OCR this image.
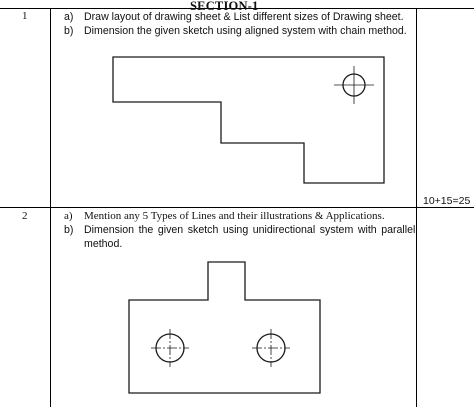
SECTION-1
1	a) Draw layout of drawing sheet & List different sizes of Drawing sheet.
b) Dimension the given sketch using aligned system with chain method.
10+15=25
2	a) Mention any 5 Types of Lines and their illustrations & Applications.
b) Dimension the given sketch using unidirectional system with parallel
method.
